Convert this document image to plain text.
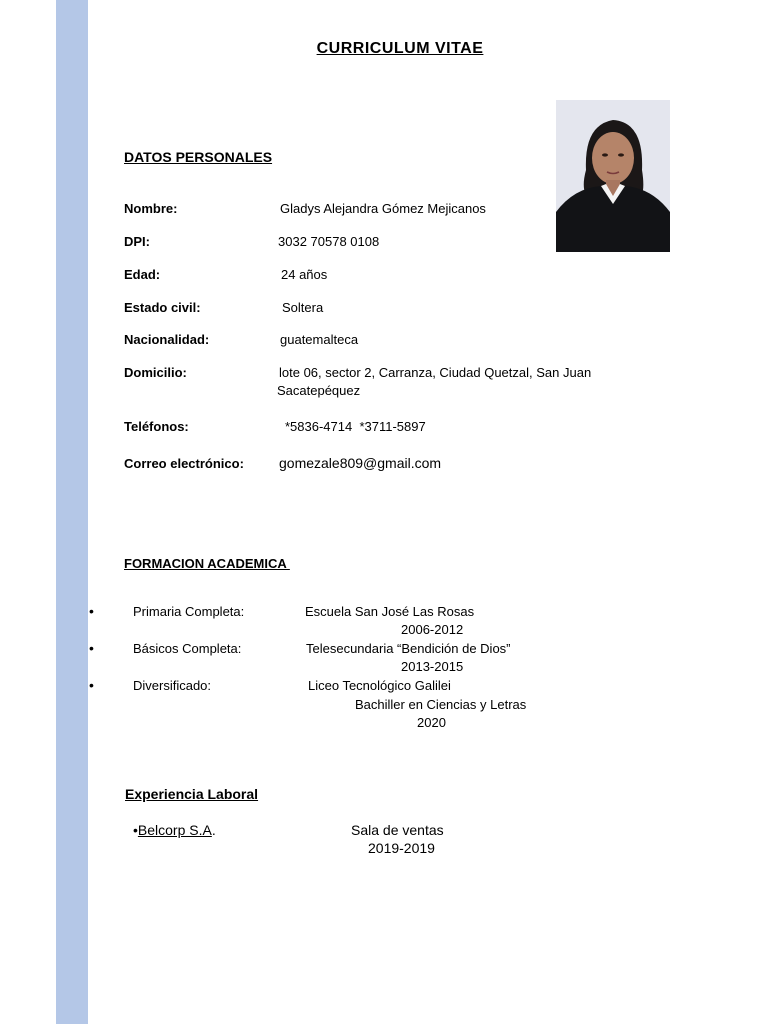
CURRICULUM VITAE
DATOS PERSONALES
Nombre:	Gladys Alejandra Gómez Mejicanos
DPI:	3032 70578 0108
Edad:	24 años
Estado civil:	Soltera
Nacionalidad:	guatemalteca
Domicilio:	lote 06, sector 2, Carranza, Ciudad Quetzal, San Juan
Sacatepéquez
Teléfonos:	*5836-4714  *3711-5897
Correo electrónico:	gomezale809@gmail.com
FORMACION ACADEMICA
•	Primaria Completa:	Escuela San José Las Rosas
2006-2012
•	Básicos Completa:	Telesecundaria “Bendición de Dios”
2013-2015
•	Diversificado:	Liceo Tecnológico Galilei
Bachiller en Ciencias y Letras
2020
Experiencia Laboral
•Belcorp S.A.	Sala de ventas
2019-2019
